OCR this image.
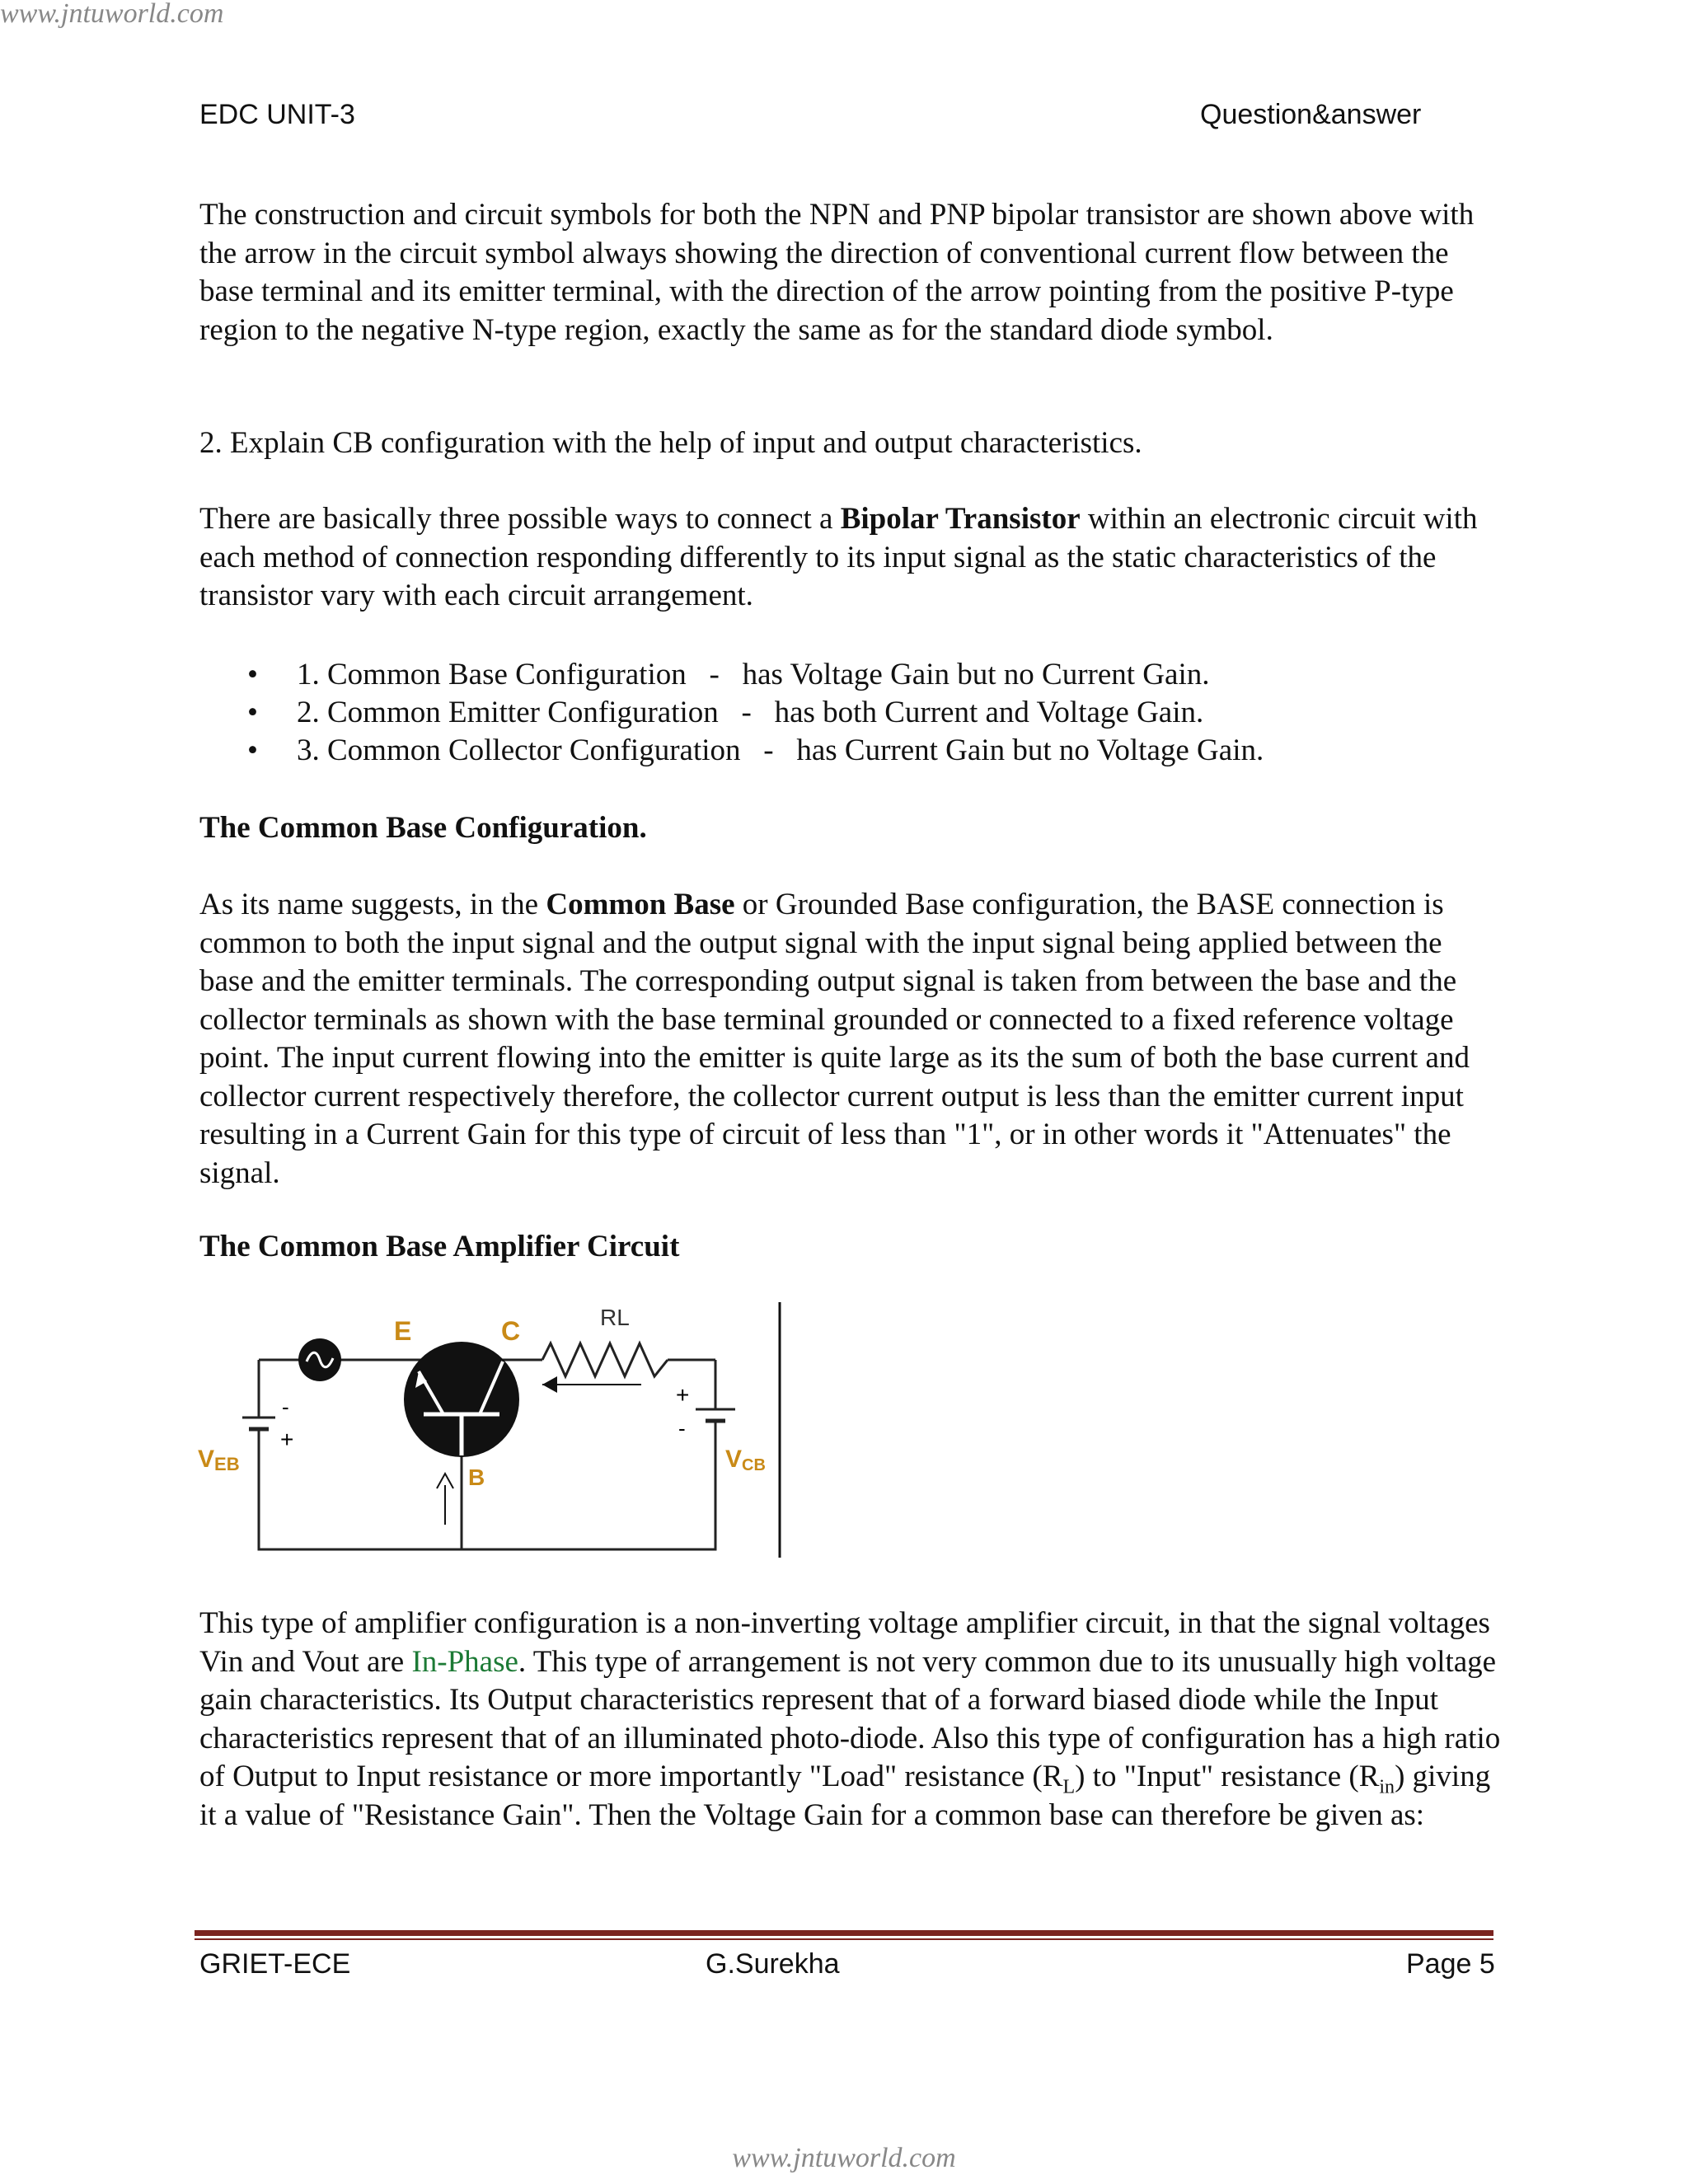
www.jntuworld.com
EDC UNIT-3	Question&answer

The construction and circuit symbols for both the NPN and PNP bipolar transistor are shown above with the arrow in the circuit symbol always showing the direction of conventional current flow between the base terminal and its emitter terminal, with the direction of the arrow pointing from the positive P-type region to the negative N-type region, exactly the same as for the standard diode symbol.

2. Explain CB configuration with the help of input and output characteristics.

There are basically three possible ways to connect a Bipolar Transistor within an electronic circuit with each method of connection responding differently to its input signal as the static characteristics of the transistor vary with each circuit arrangement.

• 1. Common Base Configuration   -   has Voltage Gain but no Current Gain.
• 2. Common Emitter Configuration   -   has both Current and Voltage Gain.
• 3. Common Collector Configuration   -   has Current Gain but no Voltage Gain.

The Common Base Configuration.

As its name suggests, in the Common Base or Grounded Base configuration, the BASE connection is common to both the input signal and the output signal with the input signal being applied between the base and the emitter terminals. The corresponding output signal is taken from between the base and the collector terminals as shown with the base terminal grounded or connected to a fixed reference voltage point. The input current flowing into the emitter is quite large as its the sum of both the base current and collector current respectively therefore, the collector current output is less than the emitter current input resulting in a Current Gain for this type of circuit of less than "1", or in other words it "Attenuates" the signal.

The Common Base Amplifier Circuit

-
+
VEB
E	C
B
RL
+
-
VCB

This type of amplifier configuration is a non-inverting voltage amplifier circuit, in that the signal voltages Vin and Vout are In-Phase. This type of arrangement is not very common due to its unusually high voltage gain characteristics. Its Output characteristics represent that of a forward biased diode while the Input characteristics represent that of an illuminated photo-diode. Also this type of configuration has a high ratio of Output to Input resistance or more importantly "Load" resistance $(R_L)$ to "Input" resistance $(R_{in})$ giving it a value of "Resistance Gain". Then the Voltage Gain for a common base can therefore be given as:

GRIET-ECE	G.Surekha	Page 5
www.jntuworld.com
